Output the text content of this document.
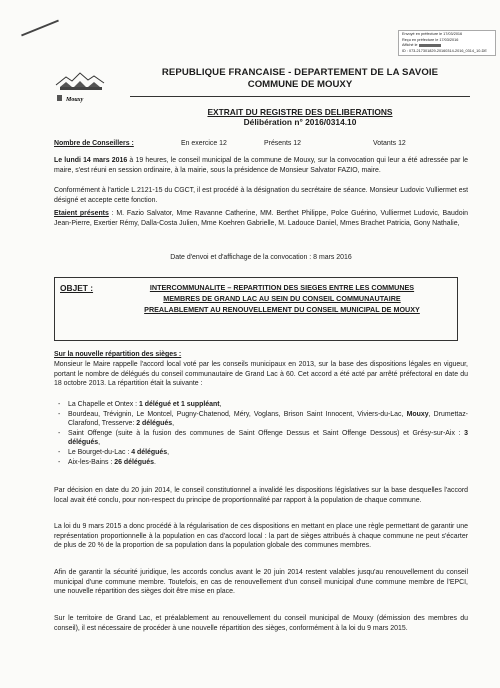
Envoyé en préfecture le 17/03/2016
Reçu en préfecture le 17/03/2016
Affiché le
ID : 073-217301829-20160314-2016_0314_10-DE
Mouxy
REPUBLIQUE FRANCAISE - DEPARTEMENT DE LA SAVOIE
COMMUNE DE MOUXY
EXTRAIT DU REGISTRE DES DELIBERATIONS
Délibération n° 2016/0314.10
Nombre de Conseillers :	En exercice 12	Présents 12	Votants 12
Le lundi 14 mars 2016 à 19 heures, le conseil municipal de la commune de Mouxy, sur la convocation qui leur a été adressée par le maire, s'est réuni en session ordinaire, à la mairie, sous la présidence de Monsieur Salvator FAZIO, maire.
Conformément à l'article L.2121-15 du CGCT, il est procédé à la désignation du secrétaire de séance. Monsieur Ludovic Vulliermet est désigné et accepte cette fonction.
Etaient présents : M. Fazio Salvator, Mme Ravanne Catherine, MM. Berthet Philippe, Polce Guérino, Vulliermet Ludovic, Baudoin Jean-Pierre, Exertier Rémy, Dalla-Costa Julien, Mme Koehren Gabrielle, M. Ladouce Daniel, Mmes Brachet Patricia, Gony Nathalie,
Date d'envoi et d'affichage de la convocation : 8 mars 2016
OBJET :	INTERCOMMUNALITE – REPARTITION DES SIEGES ENTRE LES COMMUNES
MEMBRES DE GRAND LAC AU SEIN DU CONSEIL COMMUNAUTAIRE
PREALABLEMENT AU RENOUVELLEMENT DU CONSEIL MUNICIPAL DE MOUXY
Sur la nouvelle répartition des sièges :
Monsieur le Maire rappelle l'accord local voté par les conseils municipaux en 2013, sur la base des dispositions légales en vigueur, portant le nombre de délégués du conseil communautaire de Grand Lac à 60. Cet accord a été acté par arrêté préfectoral en date du 18 octobre 2013. La répartition était la suivante :
- La Chapelle et Ontex : 1 délégué et 1 suppléant,
- Bourdeau, Trévignin, Le Montcel, Pugny-Chatenod, Méry, Voglans, Brison Saint Innocent, Viviers-du-Lac, Mouxy, Drumettaz-Clarafond, Tresserve: 2 délégués,
- Saint Offenge (suite à la fusion des communes de Saint Offenge Dessus et Saint Offenge Dessous) et Grésy-sur-Aix : 3 délégués,
- Le Bourget-du-Lac : 4 délégués,
- Aix-les-Bains : 26 délégués.
Par décision en date du 20 juin 2014, le conseil constitutionnel a invalidé les dispositions législatives sur la base desquelles l'accord local avait été conclu, pour non-respect du principe de proportionnalité par rapport à la population de chaque commune.
La loi du 9 mars 2015 a donc procédé à la régularisation de ces dispositions en mettant en place une règle permettant de garantir une représentation proportionnelle à la population en cas d'accord local : la part de sièges attribués à chaque commune ne peut s'écarter de plus de 20 % de la proportion de sa population dans la population globale des communes membres.
Afin de garantir la sécurité juridique, les accords conclus avant le 20 juin 2014 restent valables jusqu'au renouvellement du conseil municipal d'une commune membre. Toutefois, en cas de renouvellement d'un conseil municipal d'une commune membre de l'EPCI, une nouvelle répartition des sièges doit être mise en place.
Sur le territoire de Grand Lac, et préalablement au renouvellement du conseil municipal de Mouxy (démission des membres du conseil), il est nécessaire de procéder à une nouvelle répartition des sièges, conformément à la loi du 9 mars 2015.
